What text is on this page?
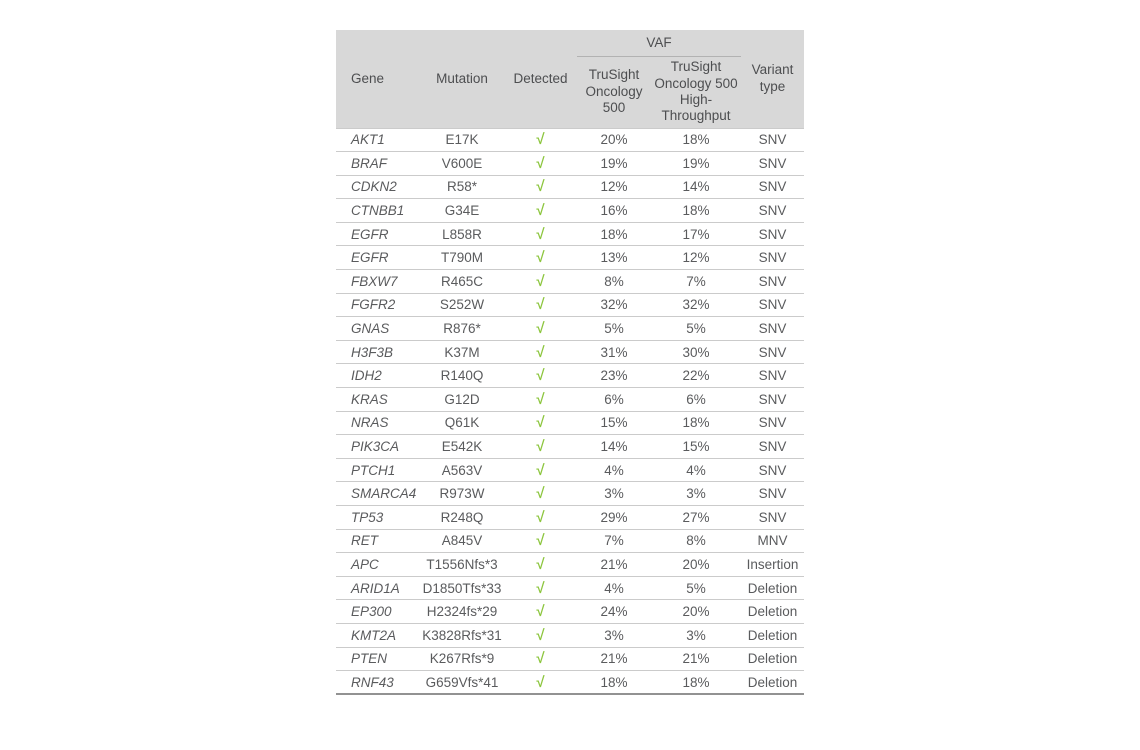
Gene	Mutation	Detected	VAF		Variant type
			TruSight Oncology 500	TruSight Oncology 500 High-Throughput	
AKT1	E17K	√	20%	18%	SNV
BRAF	V600E	√	19%	19%	SNV
CDKN2	R58*	√	12%	14%	SNV
CTNBB1	G34E	√	16%	18%	SNV
EGFR	L858R	√	18%	17%	SNV
EGFR	T790M	√	13%	12%	SNV
FBXW7	R465C	√	8%	7%	SNV
FGFR2	S252W	√	32%	32%	SNV
GNAS	R876*	√	5%	5%	SNV
H3F3B	K37M	√	31%	30%	SNV
IDH2	R140Q	√	23%	22%	SNV
KRAS	G12D	√	6%	6%	SNV
NRAS	Q61K	√	15%	18%	SNV
PIK3CA	E542K	√	14%	15%	SNV
PTCH1	A563V	√	4%	4%	SNV
SMARCA4	R973W	√	3%	3%	SNV
TP53	R248Q	√	29%	27%	SNV
RET	A845V	√	7%	8%	MNV
APC	T1556Nfs*3	√	21%	20%	Insertion
ARID1A	D1850Tfs*33	√	4%	5%	Deletion
EP300	H2324fs*29	√	24%	20%	Deletion
KMT2A	K3828Rfs*31	√	3%	3%	Deletion
PTEN	K267Rfs*9	√	21%	21%	Deletion
RNF43	G659Vfs*41	√	18%	18%	Deletion
